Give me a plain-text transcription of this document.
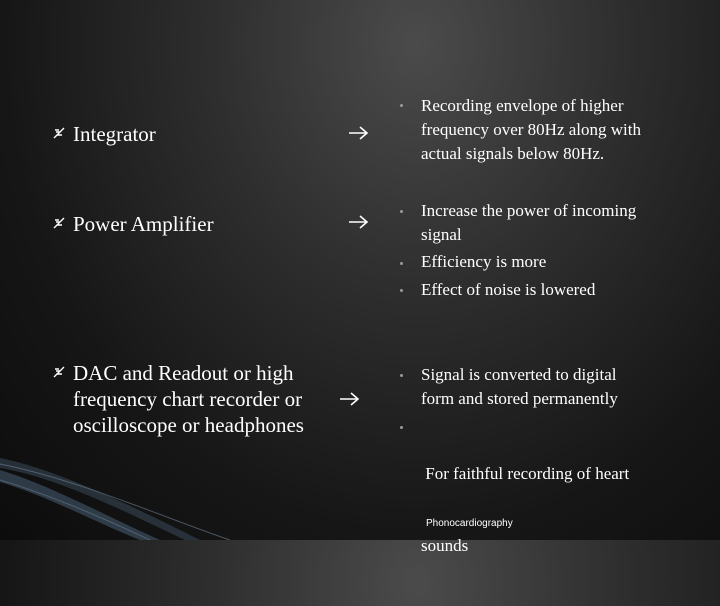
Integrator
Recording envelope of higher
frequency over 80Hz along with
actual signals below 80Hz.
Power Amplifier
Increase the power of incoming
signal
Efficiency is more
Effect of noise is lowered
DAC and Readout or high
frequency chart recorder or
oscilloscope or headphones
Signal is converted to digital
form and stored permanently

For faithful recording of heart

sounds

Phonocardiography
